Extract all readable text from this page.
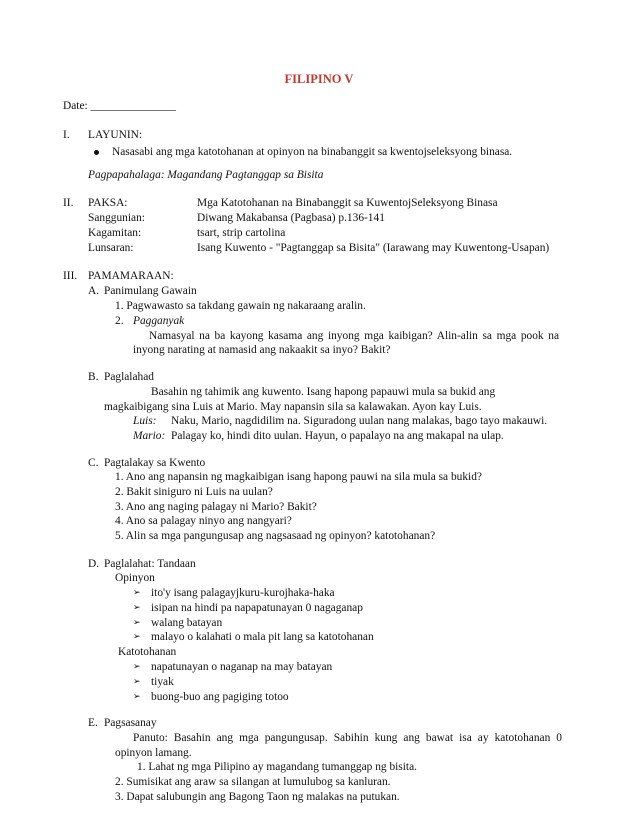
FILIPINO V
Date: _______________
I. LAYUNIN:
Nasasabi ang mga katotohanan at opinyon na binabanggit sa kwentojseleksyong binasa.
Pagpapahalaga: Magandang Pagtanggap sa Bisita
II. PAKSA:	Mga Katotohanan na Binabanggit sa KuwentojSeleksyong Binasa
Sanggunian:	Diwang Makabansa (Pagbasa) p.136-141
Kagamitan:	tsart, strip cartolina
Lunsaran:	Isang Kuwento - "Pagtanggap sa Bisita" (Iarawang may Kuwentong-Usapan)
III. PAMAMARAAN:
A. Panimulang Gawain
1. Pagwawasto sa takdang gawain ng nakaraang aralin.
2. Pagganyak
Namasyal na ba kayong kasama ang inyong mga kaibigan? Alin-alin sa mga pook na
inyong narating at namasid ang nakaakit sa inyo? Bakit?
B. Paglalahad
Basahin ng tahimik ang kuwento. Isang hapong papauwi mula sa bukid ang
magkaibigang sina Luis at Mario. May napansin sila sa kalawakan. Ayon kay Luis.
Luis: Naku, Mario, nagdidilim na. Siguradong uulan nang malakas, bago tayo makauwi.
Mario: Palagay ko, hindi dito uulan. Hayun, o papalayo na ang makapal na ulap.
C. Pagtalakay sa Kwento
1. Ano ang napansin ng magkaibigan isang hapong pauwi na sila mula sa bukid?
2. Bakit siniguro ni Luis na uulan?
3. Ano ang naging palagay ni Mario? Bakit?
4. Ano sa palagay ninyo ang nangyari?
5. Alin sa mga pangungusap ang nagsasaad ng opinyon? katotohanan?
D. Paglalahat: Tandaan
Opinyon
➢ ito'y isang palagayjkuru-kurojhaka-haka
➢ isipan na hindi pa napapatunayan 0 nagaganap
➢ walang batayan
➢ malayo o kalahati o mala pit lang sa katotohanan
Katotohanan
➢ napatunayan o naganap na may batayan
➢ tiyak
➢ buong-buo ang pagiging totoo
E. Pagsasanay
Panuto: Basahin ang mga pangungusap. Sabihin kung ang bawat isa ay katotohanan 0
opinyon lamang.
1. Lahat ng mga Pilipino ay magandang tumanggap ng bisita.
2. Sumisikat ang araw sa silangan at lumulubog sa kanluran.
3. Dapat salubungin ang Bagong Taon ng malakas na putukan.
